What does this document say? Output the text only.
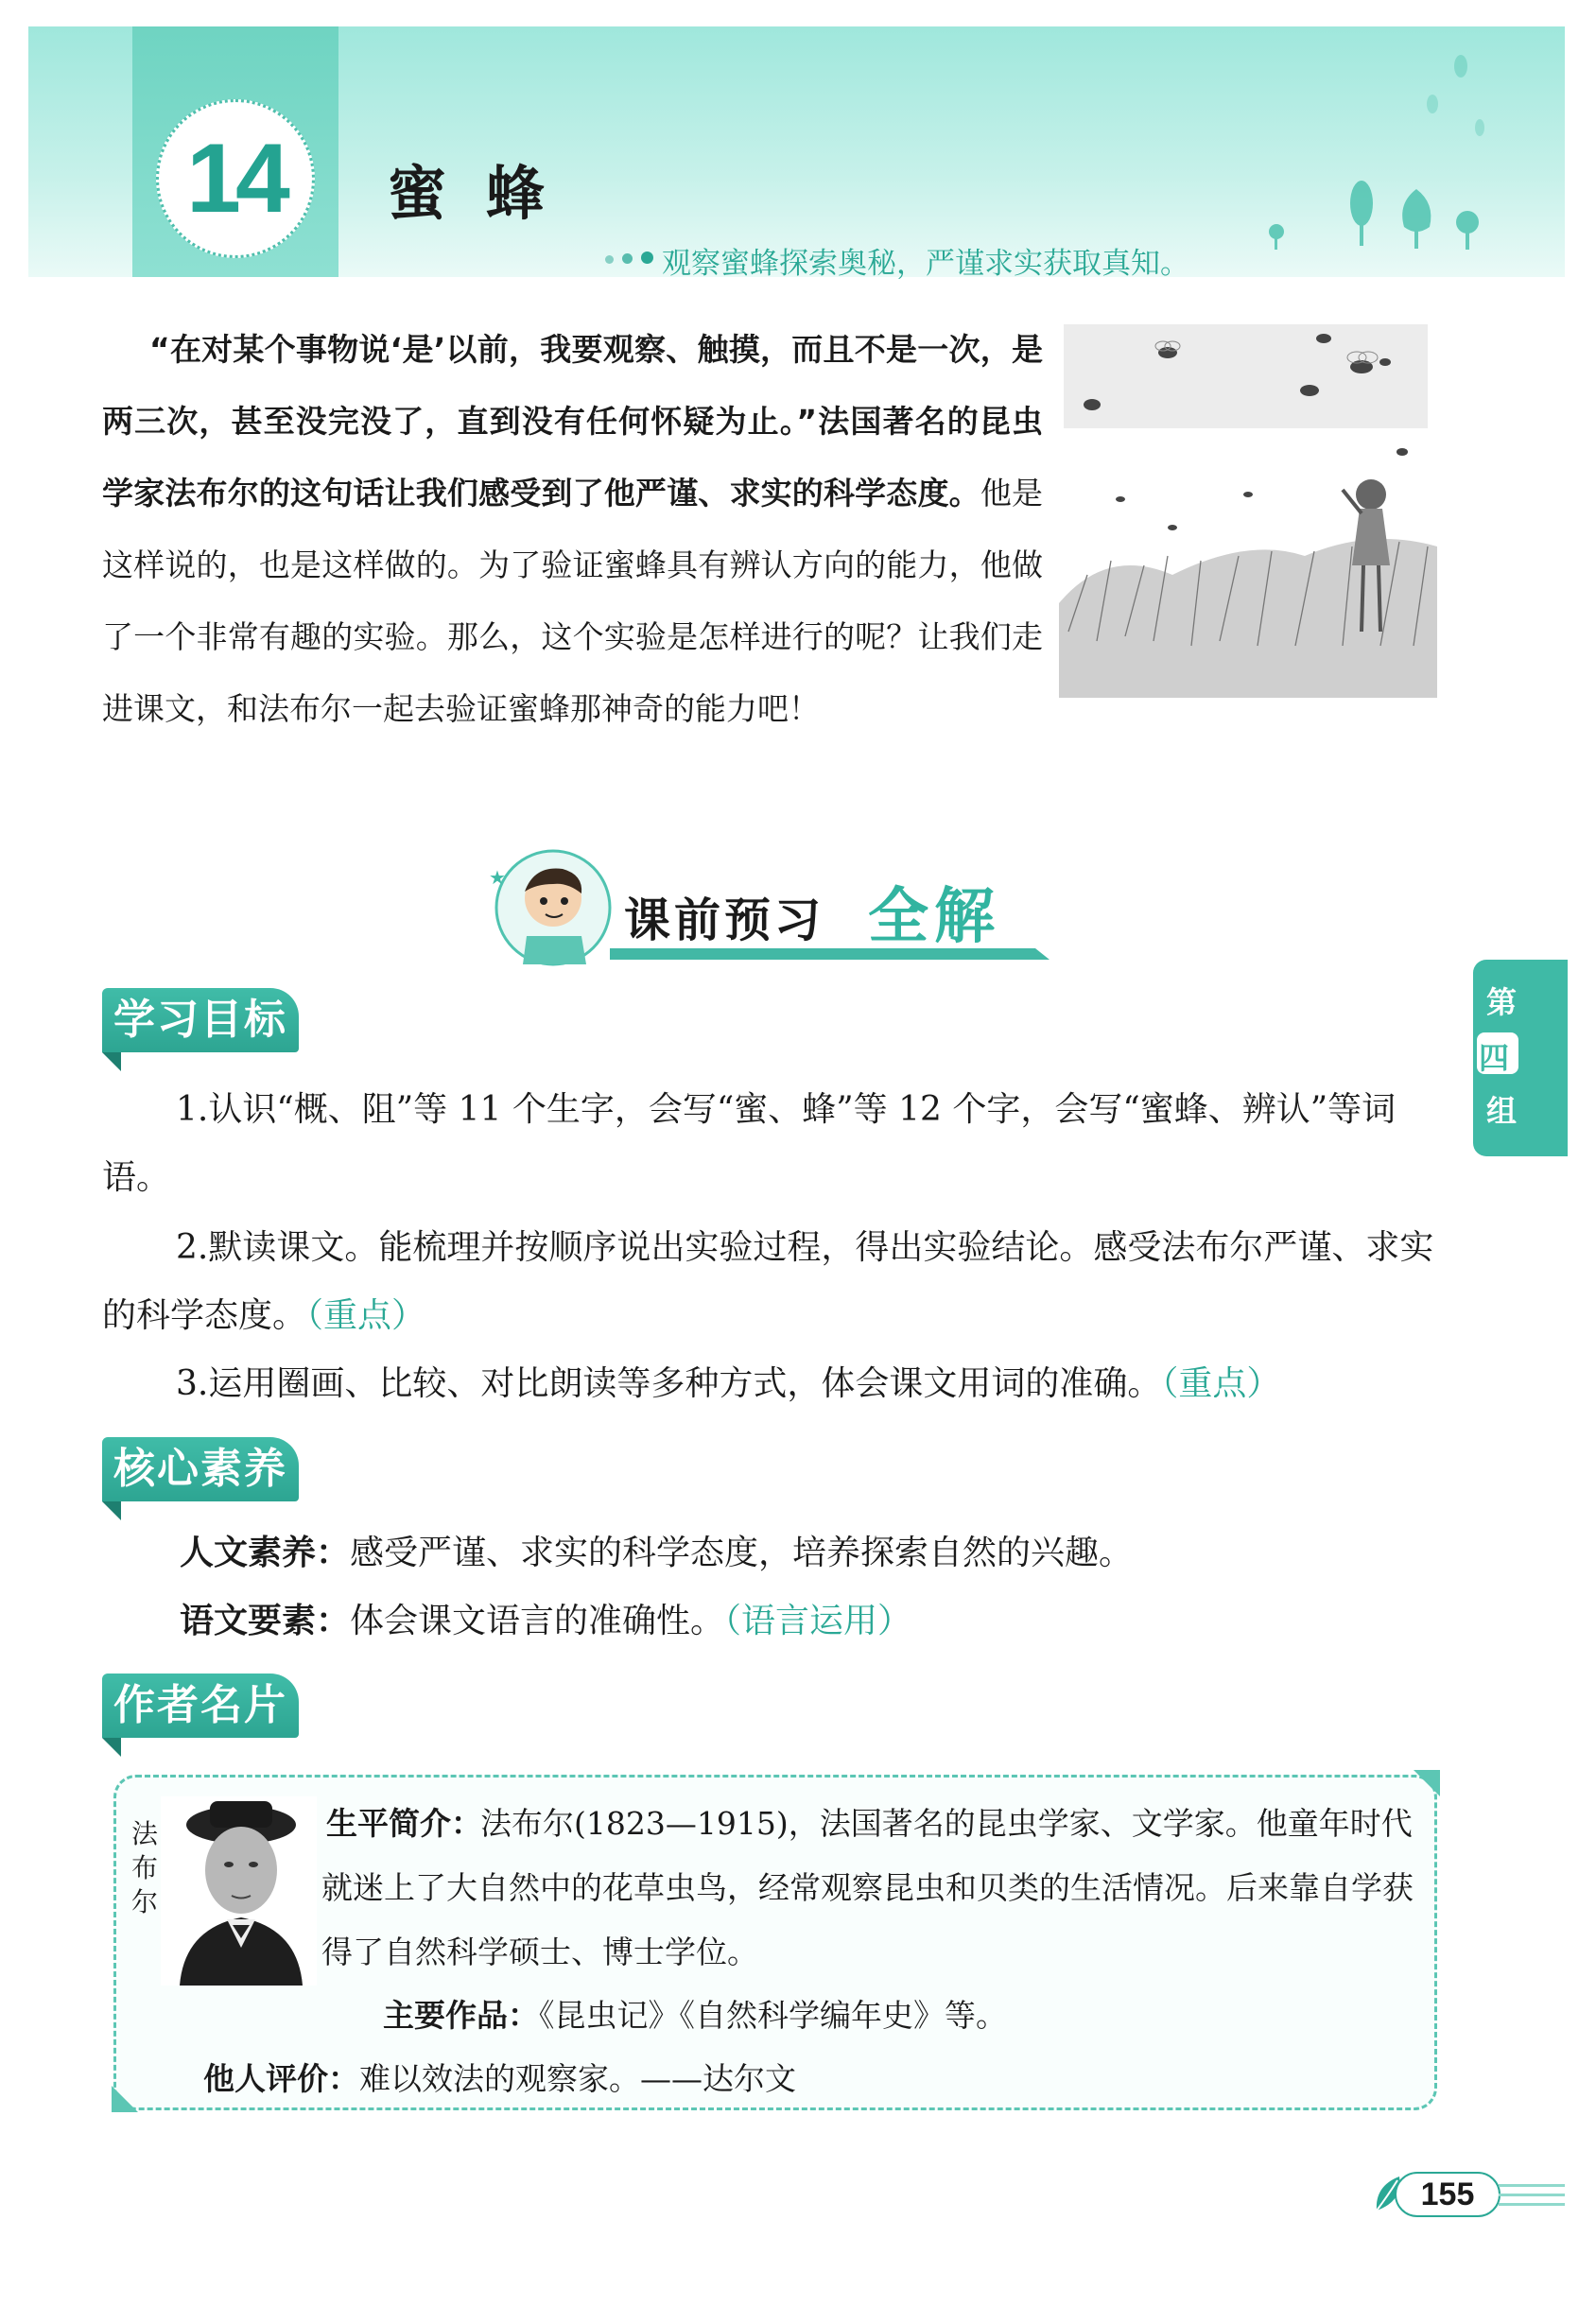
14 蜜蜂
观察蜜蜂探索奥秘，严谨求实获取真知。
“在对某个事物说‘是’以前，我要观察、触摸，而且不是一次，是两三次，甚至没完没了，直到没有任何怀疑为止。”法国著名的昆虫学家法布尔的这句话让我们感受到了他严谨、求实的科学态度。他是这样说的，也是这样做的。为了验证蜜蜂具有辨认方向的能力，他做了一个非常有趣的实验。那么，这个实验是怎样进行的呢？让我们走进课文，和法布尔一起去验证蜜蜂那神奇的能力吧！
★
课前预习 全解
第
四
组
学习目标
1.认识“概、阻”等 11 个生字，会写“蜜、蜂”等 12 个字，会写“蜜蜂、辨认”等词语。
2.默读课文。能梳理并按顺序说出实验过程，得出实验结论。感受法布尔严谨、求实的科学态度。（重点）
3.运用圈画、比较、对比朗读等多种方式，体会课文用词的准确。（重点）
核心素养
人文素养：感受严谨、求实的科学态度，培养探索自然的兴趣。
语文要素：体会课文语言的准确性。（语言运用）
作者名片
法布尔
生平简介：
法布尔(1823—1915)，法国著名的昆虫学家、文学家。他童年时代就迷上了大自然中的花草虫鸟，经常观察昆虫和贝类的生活情况。后来靠自学获得了自然科学硕士、博士学位。
主要作品：《昆虫记》《自然科学编年史》等。
他人评价：难以效法的观察家。——达尔文
155
